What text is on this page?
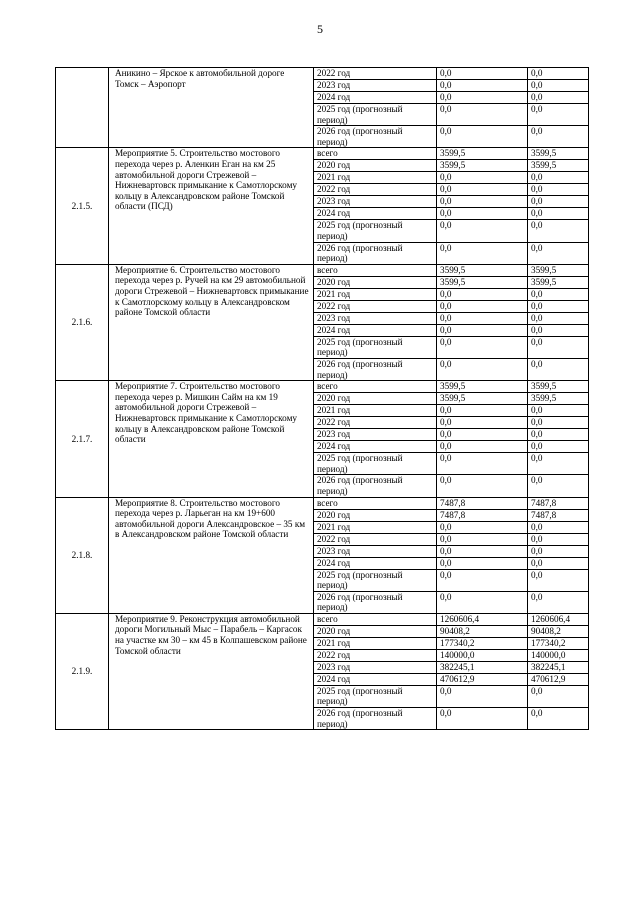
5
	Аникино – Ярское к автомобильной дороге Томск – Аэропорт	2022 год	0,0	0,0
		2023 год	0,0	0,0
		2024 год	0,0	0,0
		2025 год (прогнозный период)	0,0	0,0
		2026 год (прогнозный период)	0,0	0,0
2.1.5.	Мероприятие 5. Строительство мостового перехода через р. Аленкин Еган на км 25 автомобильной дороги Стрежевой – Нижневартовск примыкание к Самотлорскому кольцу в Александровском районе Томской области (ПСД)	всего	3599,5	3599,5
		2020 год	3599,5	3599,5
		2021 год	0,0	0,0
		2022 год	0,0	0,0
		2023 год	0,0	0,0
		2024 год	0,0	0,0
		2025 год (прогнозный период)	0,0	0,0
		2026 год (прогнозный период)	0,0	0,0
2.1.6.	Мероприятие 6. Строительство мостового перехода через р. Ручей на км 29 автомобильной дороги Стрежевой – Нижневартовск примыкание к Самотлорскому кольцу в Александровском районе Томской области	всего	3599,5	3599,5
		2020 год	3599,5	3599,5
		2021 год	0,0	0,0
		2022 год	0,0	0,0
		2023 год	0,0	0,0
		2024 год	0,0	0,0
		2025 год (прогнозный период)	0,0	0,0
		2026 год (прогнозный период)	0,0	0,0
2.1.7.	Мероприятие 7. Строительство мостового перехода через р. Мишкин Сайм на км 19 автомобильной дороги Стрежевой – Нижневартовск примыкание к Самотлорскому кольцу в Александровском районе Томской области	всего	3599,5	3599,5
		2020 год	3599,5	3599,5
		2021 год	0,0	0,0
		2022 год	0,0	0,0
		2023 год	0,0	0,0
		2024 год	0,0	0,0
		2025 год (прогнозный период)	0,0	0,0
		2026 год (прогнозный период)	0,0	0,0
2.1.8.	Мероприятие 8. Строительство мостового перехода через р. Ларьеган на км 19+600 автомобильной дороги Александровское – 35 км в Александровском районе Томской области	всего	7487,8	7487,8
		2020 год	7487,8	7487,8
		2021 год	0,0	0,0
		2022 год	0,0	0,0
		2023 год	0,0	0,0
		2024 год	0,0	0,0
		2025 год (прогнозный период)	0,0	0,0
		2026 год (прогнозный период)	0,0	0,0
2.1.9.	Мероприятие 9. Реконструкция автомобильной дороги Могильный Мыс – Парабель – Каргасок на участке км 30 – км 45 в Колпашевском районе Томской области	всего	1260606,4	1260606,4
		2020 год	90408,2	90408,2
		2021 год	177340,2	177340,2
		2022 год	140000,0	140000,0
		2023 год	382245,1	382245,1
		2024 год	470612,9	470612,9
		2025 год (прогнозный период)	0,0	0,0
		2026 год (прогнозный период)	0,0	0,0
